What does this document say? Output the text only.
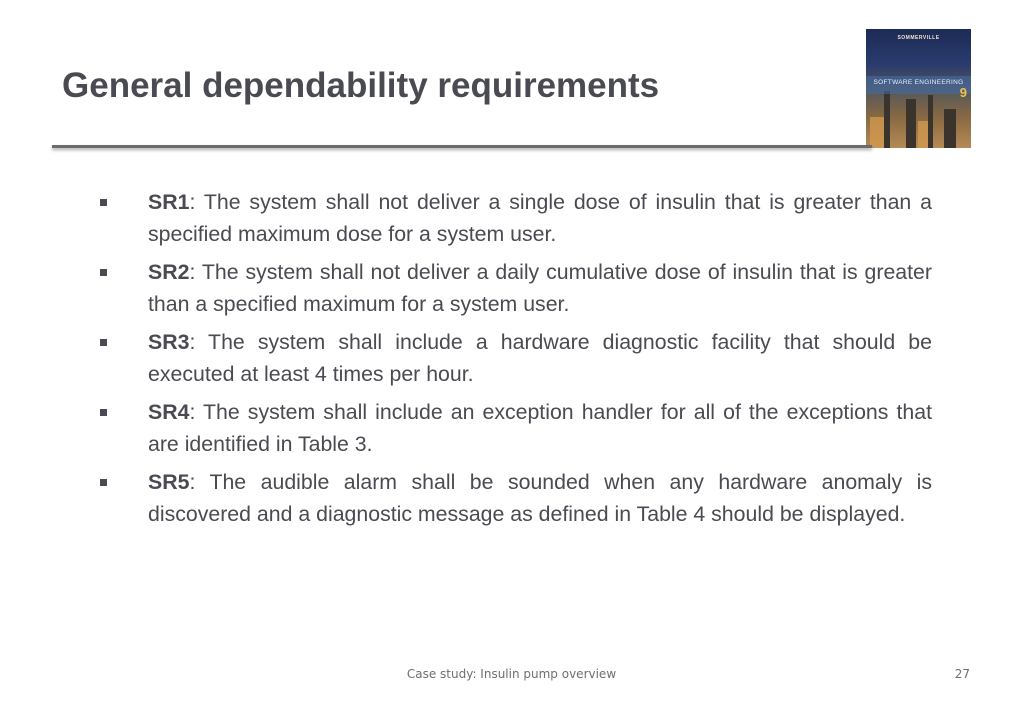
General dependability requirements
SOMMERVILLE
SOFTWARE ENGINEERING
9
SR1: The system shall not deliver a single dose of insulin that is greater than a specified maximum dose for a system user.
SR2: The system shall not deliver a daily cumulative dose of insulin that is greater than a specified maximum for a system user.
SR3: The system shall include a hardware diagnostic facility that should be executed at least 4 times per hour.
SR4: The system shall include an exception handler for all of the exceptions that are identified in Table 3.
SR5: The audible alarm shall be sounded when any hardware anomaly is discovered and a diagnostic message as defined in Table 4 should be displayed.
Case study: Insulin pump overview	27
